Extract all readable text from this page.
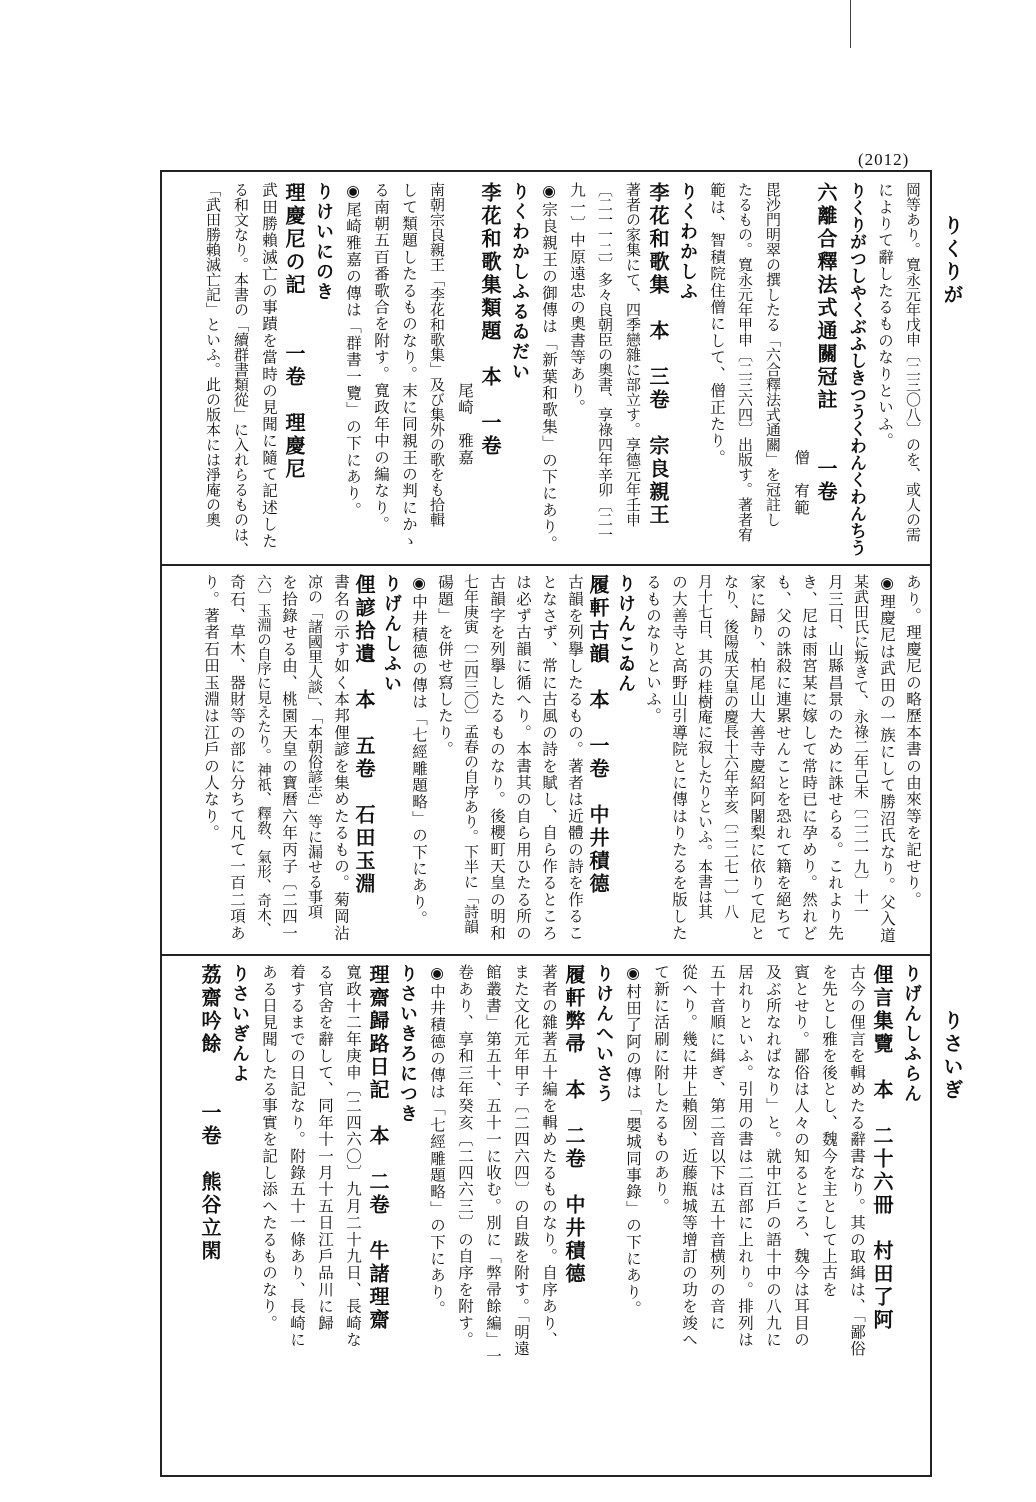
(2012)
りくりが
りさいぎ
岡等あり。寬永元年戊申〔二三〇八〕のを、或人の需
によりて辭したるものなりといふ。
りくりがつしやくぶふしきつうくわんくわんちう
六離合釋法式通關冠註　　一卷
　　　　　　　　　　　　　　　　僧　宥範
毘沙門明翠の撰したる「六合釋法式通關」を冠註し
たるもの。寬永元年甲申〔二三六四〕出版す。著者宥
範は、智積院住僧にして、僧正たり。
りくわかしふ
李花和歌集　本　三卷　宗良親王
著者の家集にて、四季戀雜に部立す。享德元年壬申
〔二一一二〕多々良朝臣の奧書、享祿四年辛卯〔二一
九一〕中原遠忠の奧書等あり。
◉宗良親王の御傳は「新葉和歌集」の下にあり。
りくわかしふるゐだい
李花和歌集類題　本　一卷
　　　　　　　　　　　　尾崎　雅嘉
南朝宗良親王「李花和歌集」及び集外の歌をも拾輯
して類題したるものなり。末に同親王の判にかゝ
る南朝五百番歌合を附す。寬政年中の編なり。
◉尾崎雅嘉の傳は「群書一覽」の下にあり。
りけいにのき
理慶尼の記　　一卷　理慶尼
武田勝賴滅亡の事蹟を當時の見聞に隨て記述した
る和文なり。本書の「續群書類從」に入れらるものは、
「武田勝賴滅亡記」といふ。此の版本には淨庵の奧
あり。理慶尼の略歷本書の由來等を記せり。
◉理慶尼は武田の一族にして勝沼氏なり。父入道
某武田氏に叛きて、永祿二年己未〔二二一九〕十一
月三日、山縣昌景のために誅せらる。これより先
き、尼は雨宮某に嫁して常時已に孕めり。然れど
も、父の誅殺に連累せんことを恐れて籍を絕ちて
家に歸り、柏尾山大善寺慶紹阿闍梨に依りて尼と
なり、後陽成天皇の慶長十六年辛亥〔二二七一〕八
月十七日、其の桂樹庵に寂したりといふ。本書は其
の大善寺と高野山引導院とに傳はりたるを版した
るものなりといふ。
りけんこゐん
履軒古韻　本　一卷　中井積德
古韻を列擧したるもの。著者は近體の詩を作るこ
となさず、常に古風の詩を賦し、自ら作るところ
は必ず古韻に循へり。本書其の自ら用ひたる所の
古韻字を列擧したるものなり。後櫻町天皇の明和
七年庚寅〔二四三〇〕孟春の自序あり。下半に「詩韻
碭題」を併せ寫したり。
◉中井積德の傳は「七經雕題略」の下にあり。
りげんしふい
俚諺拾遺　本　五卷　石田玉淵
書名の示す如く本邦俚諺を集めたるもの。菊岡沾
凉の「諸國里人談」、「本朝俗諺志」等に漏せる事項
を拾錄せる由、桃園天皇の寶曆六年丙子〔二四一
六〕玉淵の自序に見えたり。神祇、釋敎、氣形、奇木、
奇石、草木、器財等の部に分ちて凡て一百二項あ
り。著者石田玉淵は江戶の人なり。
りげんしふらん
俚言集覽　本　二十六冊　村田了阿
古今の俚言を輯めたる辭書なり。其の取緝は、「鄙俗
を先とし雅を後とし、魏今を主として上古を
賓とせり。鄙俗は人々の知るところ、魏今は耳目の
及ぶ所なればなり」と。就中江戶の語十中の八九に
居れりといふ。引用の書は二百部に上れり。排列は
五十音順に緝ぎ、第二音以下は五十音横列の音に
從へり。幾に井上賴圀、近藤瓶城等增訂の功を竣へ
て新に活刷に附したるものあり。
◉村田了阿の傳は「嬰城同事錄」の下にあり。
りけんへいさう
履軒弊帚　本　二卷　中井積德
著者の雜著五十編を輯めたるものなり。自序あり、
また文化元年甲子〔二四六四〕の自跋を附す。「明遠
館叢書」第五十、五十一に收む。別に「弊帚餘編」一
卷あり、享和三年癸亥〔二四六三〕の自序を附す。
◉中井積德の傳は「七經雕題略」の下にあり。
りさいきろにつき
理齋歸路日記　本　二卷　牛諸理齋
寬政十二年庚申〔二四六〇〕九月二十九日、長崎な
る官舍を辭して、同年十一月十五日江戶品川に歸
着するまでの日記なり。附錄五十一條あり、長崎に
ある日見聞したる事實を記し添へたるものなり。
りさいぎんよ
荔齋吟餘　　一卷　熊谷立閑
